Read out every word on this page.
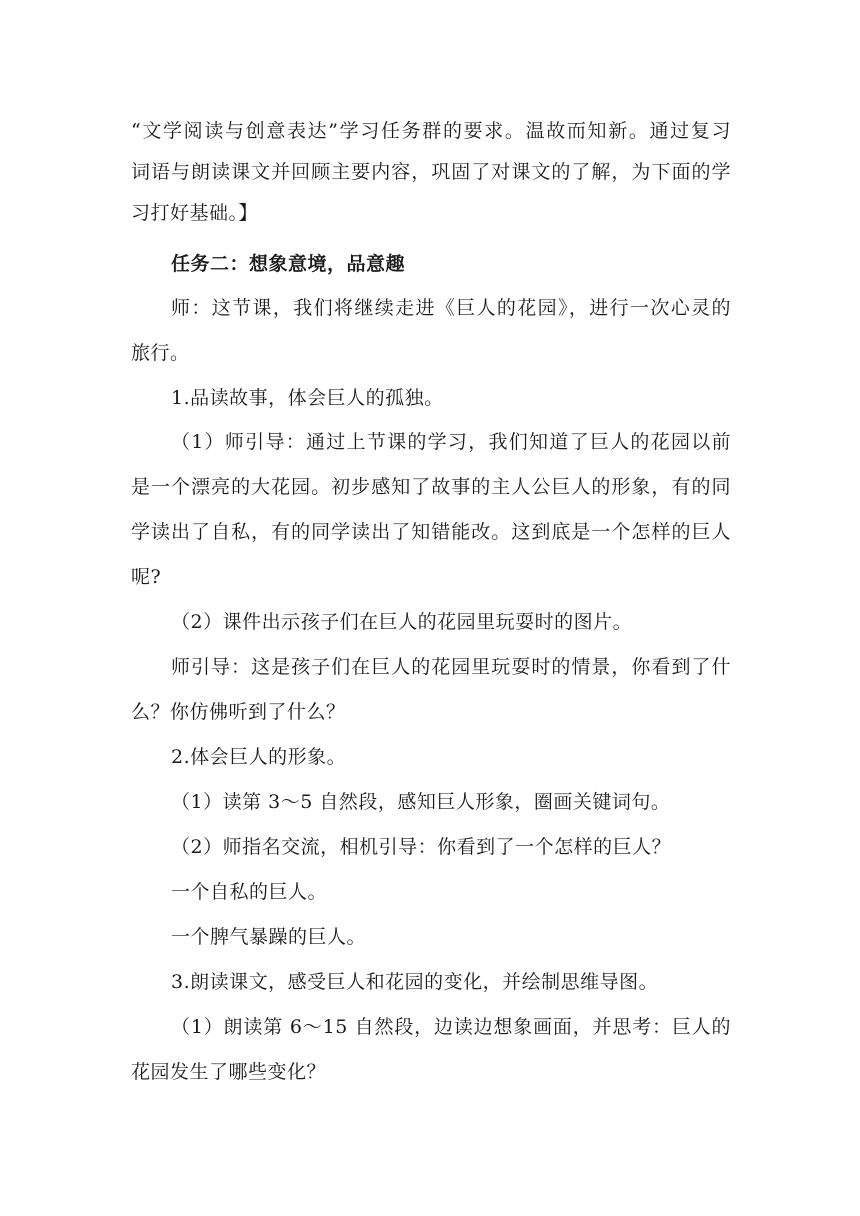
“文学阅读与创意表达”学习任务群的要求。温故而知新。通过复习
词语与朗读课文并回顾主要内容，巩固了对课文的了解，为下面的学
习打好基础。】
任务二：想象意境，品意趣
师：这节课，我们将继续走进《巨人的花园》，进行一次心灵的
旅行。
1.品读故事，体会巨人的孤独。
（1）师引导：通过上节课的学习，我们知道了巨人的花园以前
是一个漂亮的大花园。初步感知了故事的主人公巨人的形象，有的同
学读出了自私，有的同学读出了知错能改。这到底是一个怎样的巨人
呢?
（2）课件出示孩子们在巨人的花园里玩耍时的图片。
师引导：这是孩子们在巨人的花园里玩耍时的情景，你看到了什
么？你仿佛听到了什么？
2.体会巨人的形象。
（1）读第 3～5 自然段，感知巨人形象，圈画关键词句。
（2）师指名交流，相机引导：你看到了一个怎样的巨人？
一个自私的巨人。
一个脾气暴躁的巨人。
3.朗读课文，感受巨人和花园的变化，并绘制思维导图。
（1）朗读第 6～15 自然段，边读边想象画面，并思考：巨人的
花园发生了哪些变化？
